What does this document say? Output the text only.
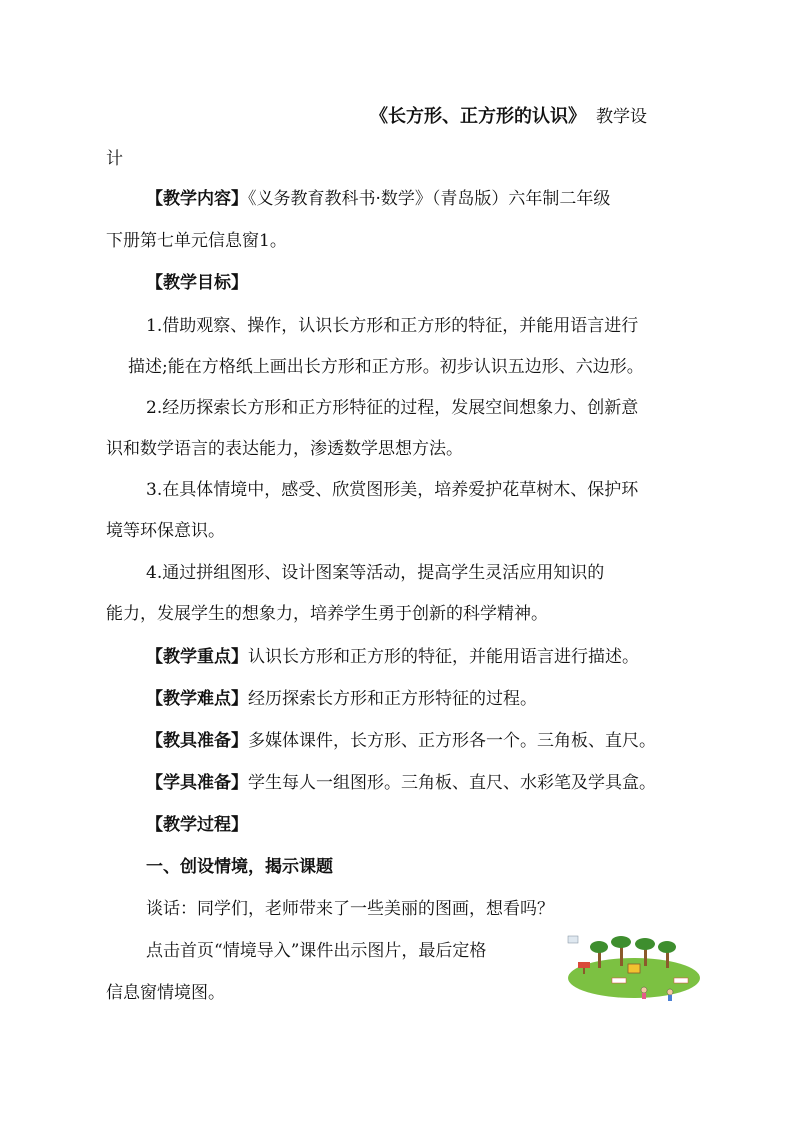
《长方形、正方形的认识》 教学设
计
【教学内容】《义务教育教科书·数学》（青岛版）六年制二年级
下册第七单元信息窗1。
【教学目标】
1.借助观察、操作，认识长方形和正方形的特征，并能用语言进行
描述;能在方格纸上画出长方形和正方形。初步认识五边形、六边形。
2.经历探索长方形和正方形特征的过程，发展空间想象力、创新意
识和数学语言的表达能力，渗透数学思想方法。
3.在具体情境中，感受、欣赏图形美，培养爱护花草树木、保护环
境等环保意识。
4.通过拼组图形、设计图案等活动，提高学生灵活应用知识的
能力，发展学生的想象力，培养学生勇于创新的科学精神。
【教学重点】认识长方形和正方形的特征，并能用语言进行描述。
【教学难点】经历探索长方形和正方形特征的过程。
【教具准备】多媒体课件，长方形、正方形各一个。三角板、直尺。
【学具准备】学生每人一组图形。三角板、直尺、水彩笔及学具盒。
【教学过程】
一、创设情境，揭示课题
谈话：同学们，老师带来了一些美丽的图画，想看吗？
点击首页“情境导入”课件出示图片，最后定格
信息窗情境图。
